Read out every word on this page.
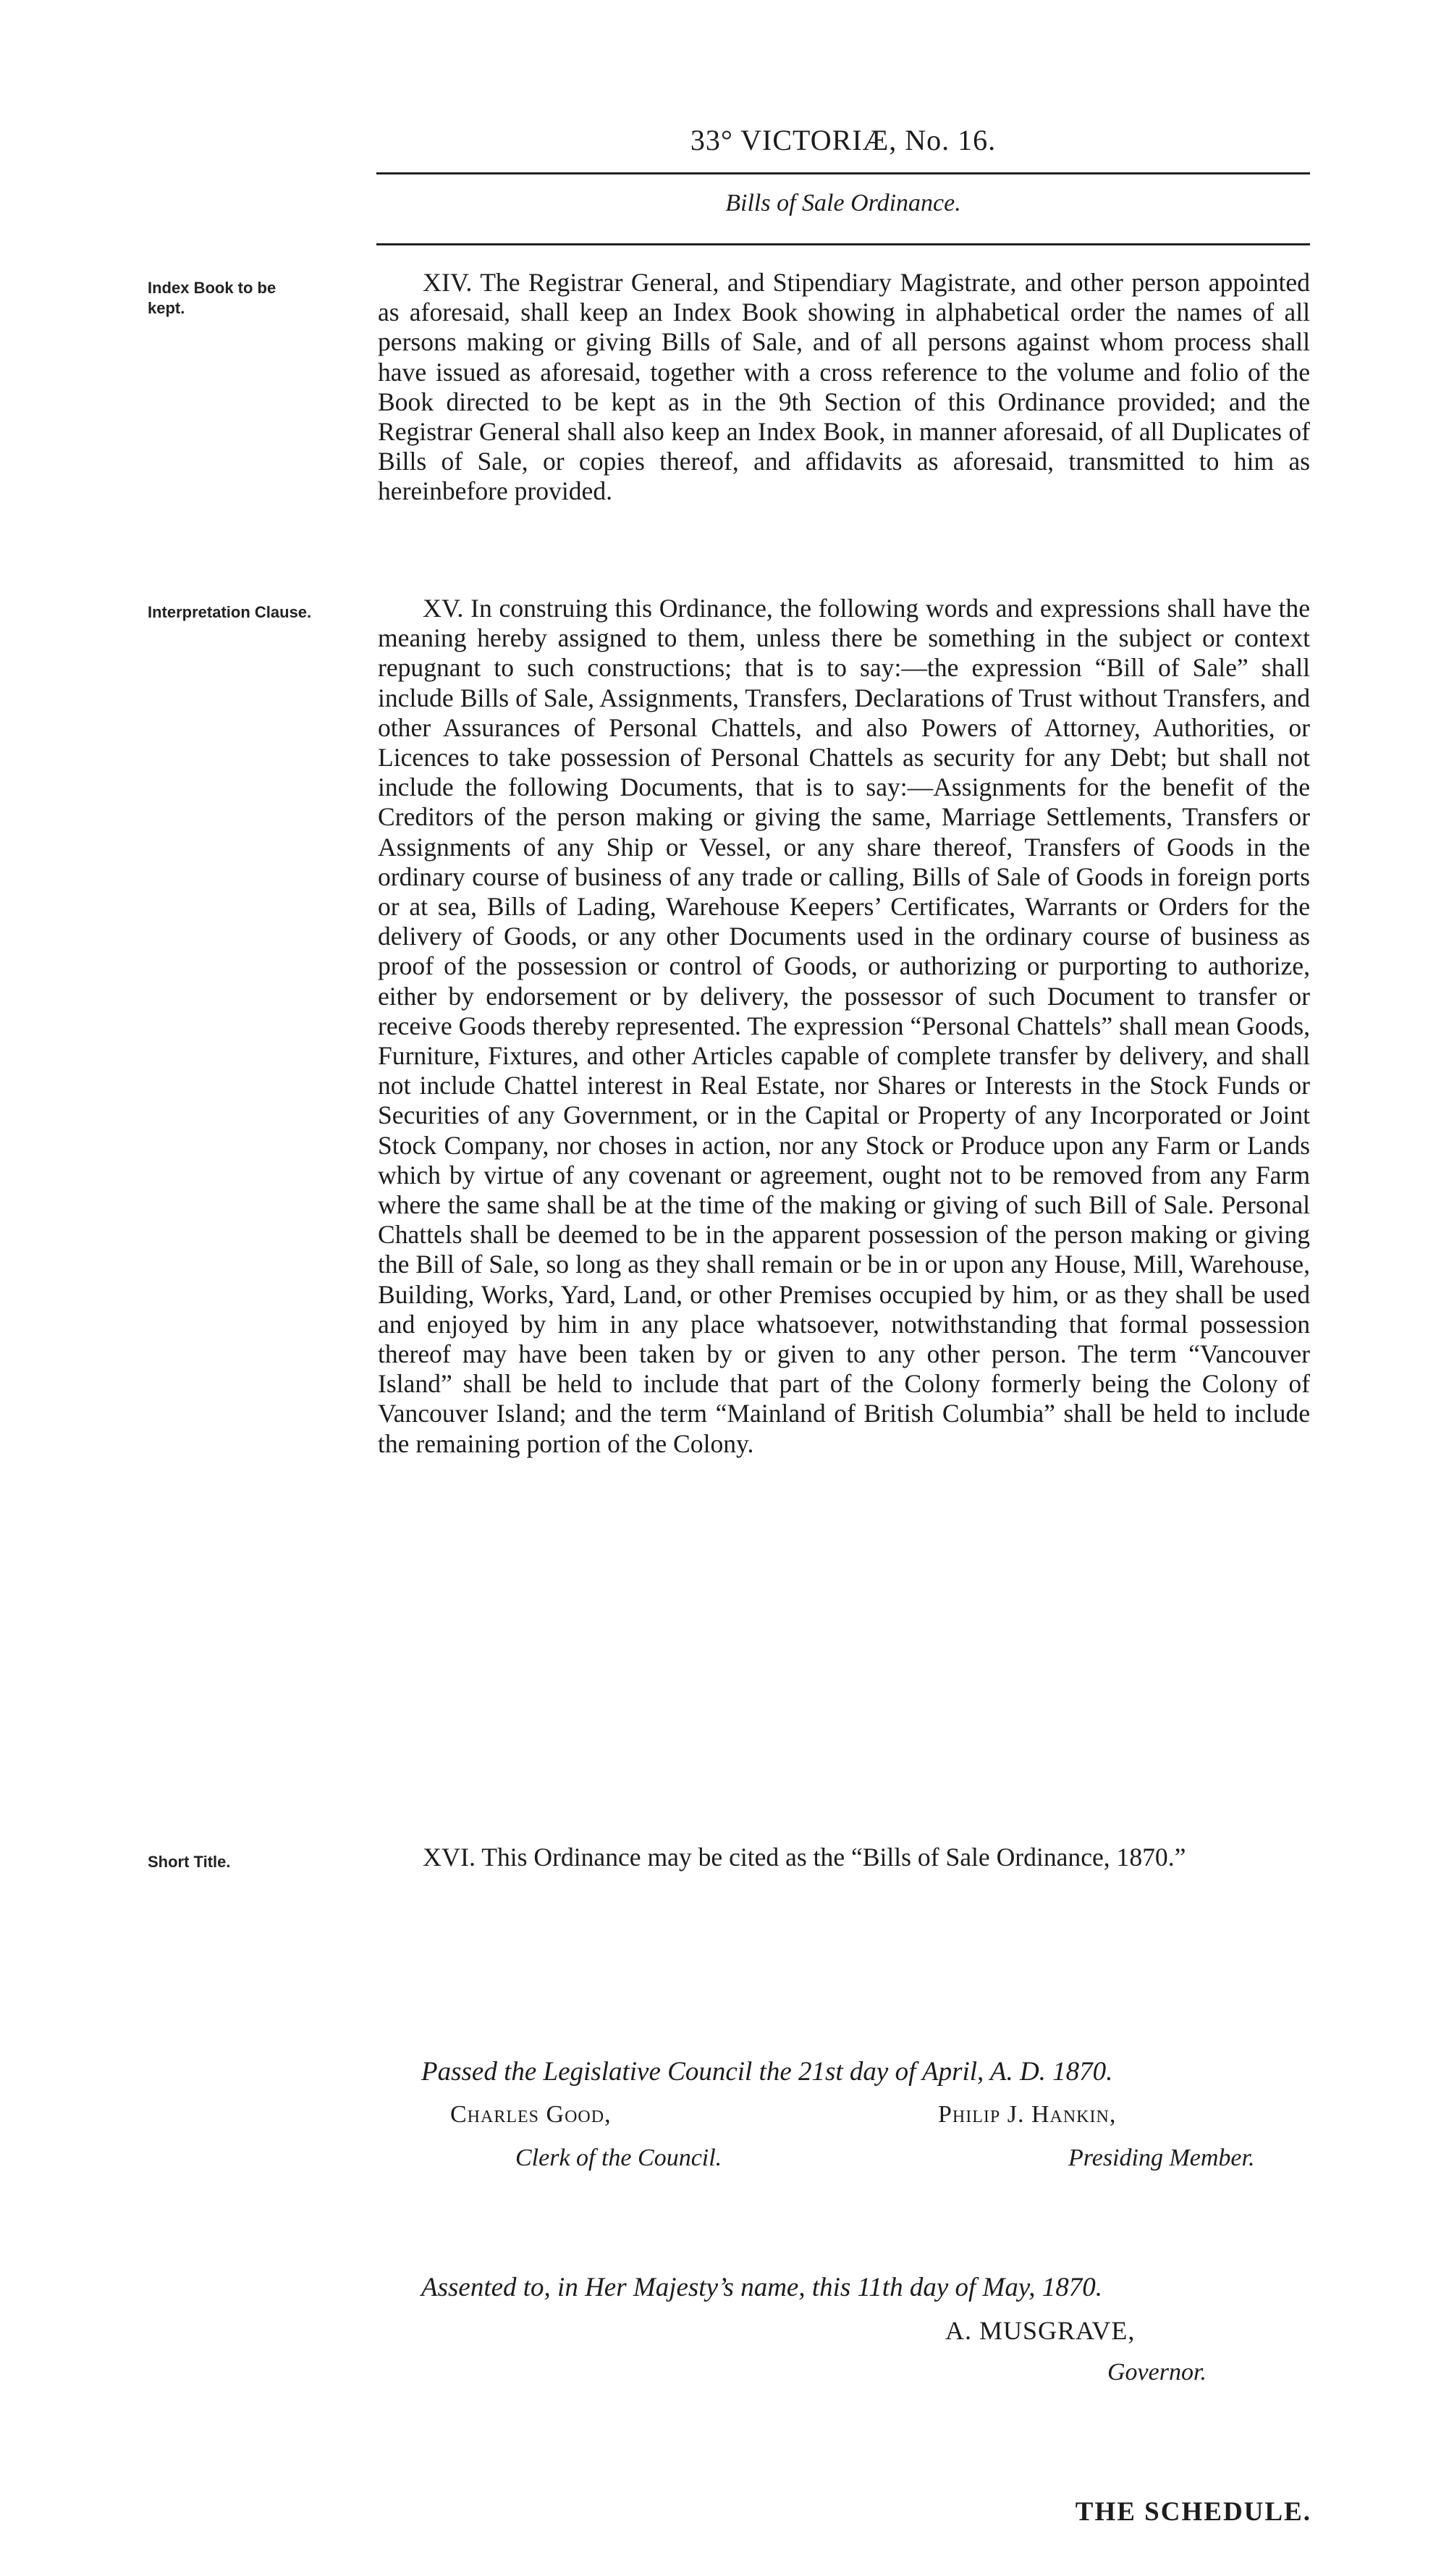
33° VICTORIÆ, No. 16.
Bills of Sale Ordinance.
Index Book to be kept.

XIV. The Registrar General, and Stipendiary Magistrate, and other person appointed as aforesaid, shall keep an Index Book showing in alphabetical order the names of all persons making or giving Bills of Sale, and of all persons against whom process shall have issued as aforesaid, together with a cross reference to the volume and folio of the Book directed to be kept as in the 9th Section of this Ordinance provided; and the Registrar General shall also keep an Index Book, in manner aforesaid, of all Duplicates of Bills of Sale, or copies thereof, and affidavits as aforesaid, transmitted to him as hereinbefore provided.

Interpretation Clause.	XV. In construing this Ordinance, the following words and expressions shall have the meaning hereby assigned to them, unless there be something in the subject or context repugnant to such constructions; that is to say:—the expression “Bill of Sale” shall include Bills of Sale, Assignments, Transfers, Declarations of Trust without Transfers, and other Assurances of Personal Chattels, and also Powers of Attorney, Authorities, or Licences to take possession of Personal Chattels as security for any Debt; but shall not include the following Documents, that is to say:—Assignments for the benefit of the Creditors of the person making or giving the same, Marriage Settlements, Transfers or Assignments of any Ship or Vessel, or any share thereof, Transfers of Goods in the ordinary course of business of any trade or calling, Bills of Sale of Goods in foreign ports or at sea, Bills of Lading, Warehouse Keepers’ Certificates, Warrants or Orders for the delivery of Goods, or any other Documents used in the ordinary course of business as proof of the possession or control of Goods, or authorizing or purporting to authorize, either by endorsement or by delivery, the possessor of such Document to transfer or receive Goods thereby represented. The expression “Personal Chattels” shall mean Goods, Furniture, Fixtures, and other Articles capable of complete transfer by delivery, and shall not include Chattel interest in Real Estate, nor Shares or Interests in the Stock Funds or Securities of any Government, or in the Capital or Property of any Incorporated or Joint Stock Company, nor choses in action, nor any Stock or Produce upon any Farm or Lands which by virtue of any covenant or agreement, ought not to be removed from any Farm where the same shall be at the time of the making or giving of such Bill of Sale. Personal Chattels shall be deemed to be in the apparent possession of the person making or giving the Bill of Sale, so long as they shall remain or be in or upon any House, Mill, Warehouse, Building, Works, Yard, Land, or other Premises occupied by him, or as they shall be used and enjoyed by him in any place whatsoever, notwithstanding that formal possession thereof may have been taken by or given to any other person. The term “Vancouver Island” shall be held to include that part of the Colony formerly being the Colony of Vancouver Island; and the term “Mainland of British Columbia” shall be held to include the remaining portion of the Colony.

Short Title.	XVI. This Ordinance may be cited as the “Bills of Sale Ordinance, 1870.”

Passed the Legislative Council the 21st day of April, A. D. 1870.
Charles Good,
Clerk of the Council.
Philip J. Hankin,
Presiding Member.
Assented to, in Her Majesty’s name, this 11th day of May, 1870.
A. MUSGRAVE,
Governor.
THE SCHEDULE.
